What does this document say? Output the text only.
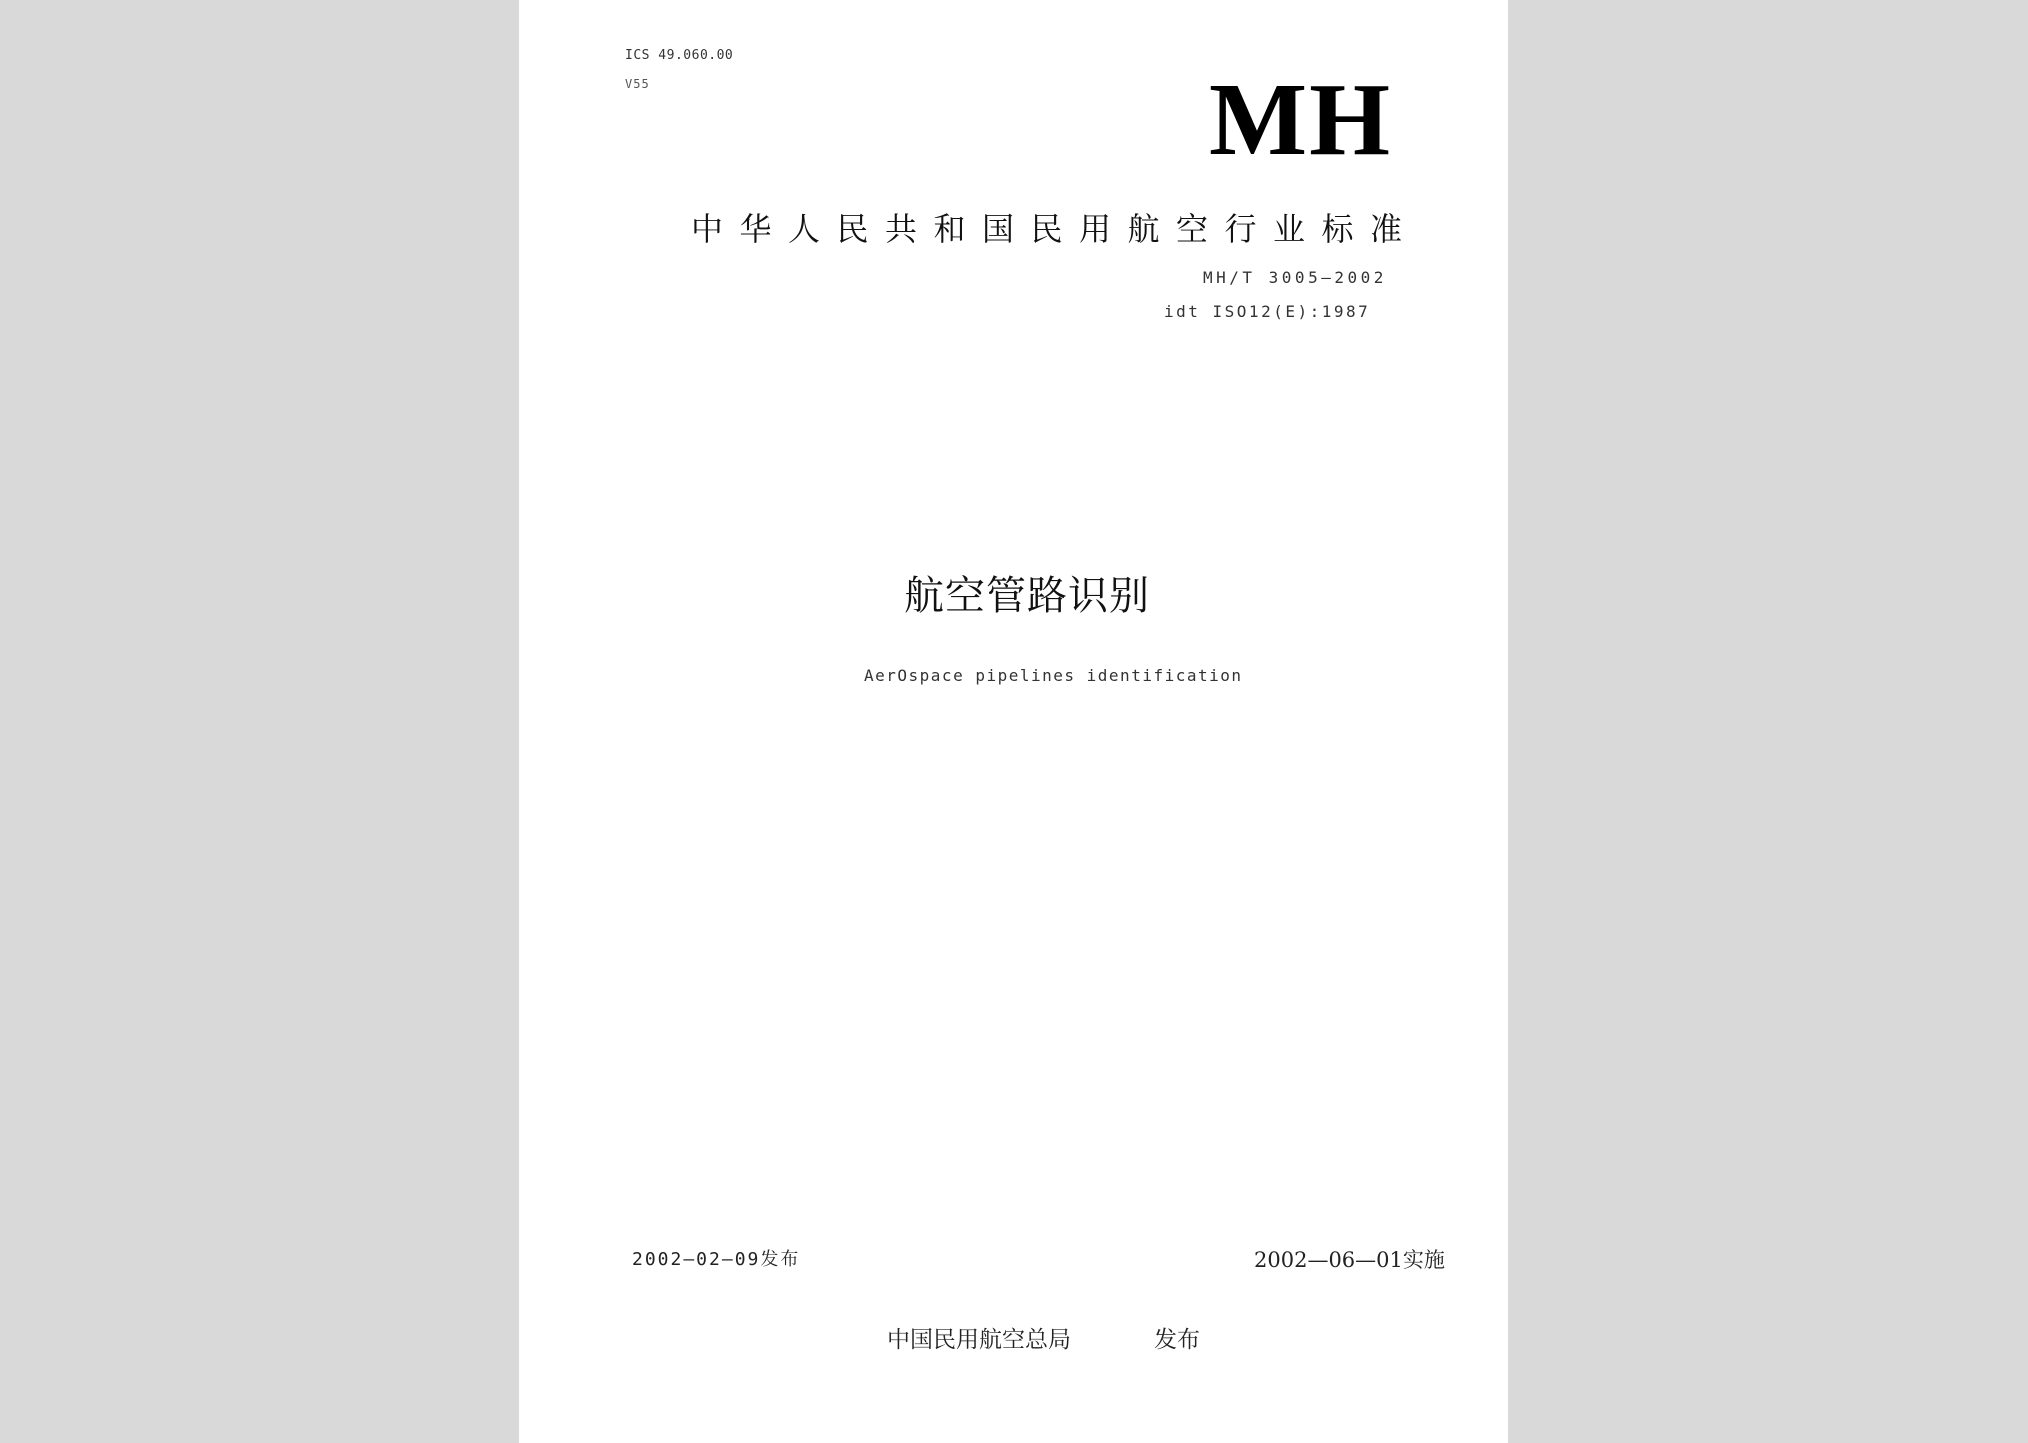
ICS 49.060.00
V55	MH
中华人民共和国民用航空行业标准
MH/T 3005—2002
idt ISO12(E):1987
航空管路识别
AerOspace pipelines identification
2002—02—09发布	2002—06—01实施
中国民用航空总局	发布
